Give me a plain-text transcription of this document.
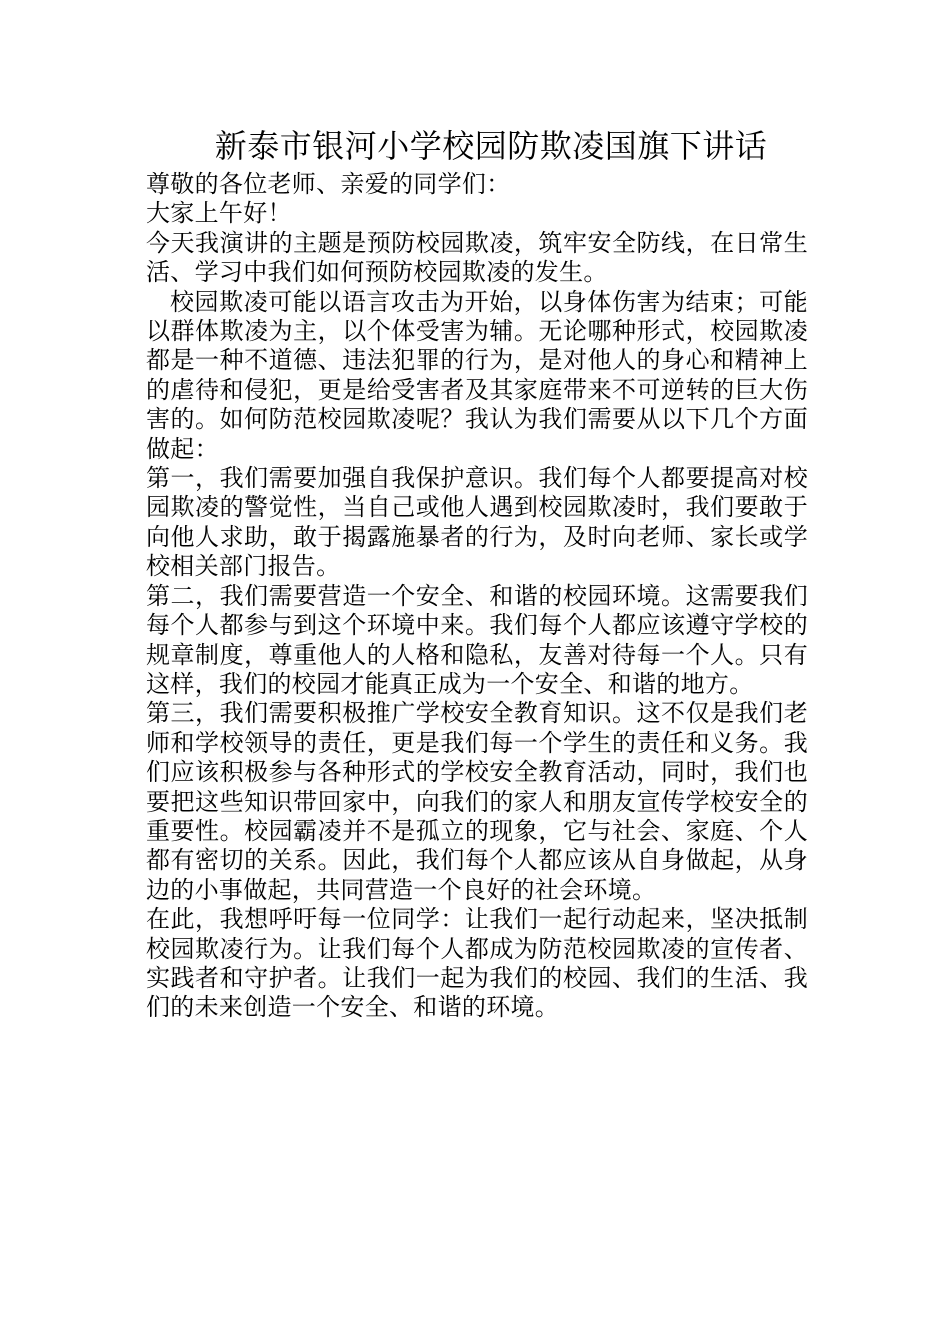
新泰市银河小学校园防欺凌国旗下讲话

尊敬的各位老师、亲爱的同学们：

大家上午好！

今天我演讲的主题是预防校园欺凌，筑牢安全防线，在日常生活、学习中我们如何预防校园欺凌的发生。

校园欺凌可能以语言攻击为开始，以身体伤害为结束；可能以群体欺凌为主，以个体受害为辅。无论哪种形式，校园欺凌都是一种不道德、违法犯罪的行为，是对他人的身心和精神上的虐待和侵犯，更是给受害者及其家庭带来不可逆转的巨大伤害的。如何防范校园欺凌呢？我认为我们需要从以下几个方面做起：

第一，我们需要加强自我保护意识。我们每个人都要提高对校园欺凌的警觉性，当自己或他人遇到校园欺凌时，我们要敢于向他人求助，敢于揭露施暴者的行为，及时向老师、家长或学校相关部门报告。

第二，我们需要营造一个安全、和谐的校园环境。这需要我们每个人都参与到这个环境中来。我们每个人都应该遵守学校的规章制度，尊重他人的人格和隐私，友善对待每一个人。只有这样，我们的校园才能真正成为一个安全、和谐的地方。

第三，我们需要积极推广学校安全教育知识。这不仅是我们老师和学校领导的责任，更是我们每一个学生的责任和义务。我们应该积极参与各种形式的学校安全教育活动，同时，我们也要把这些知识带回家中，向我们的家人和朋友宣传学校安全的重要性。校园霸凌并不是孤立的现象，它与社会、家庭、个人都有密切的关系。因此，我们每个人都应该从自身做起，从身边的小事做起，共同营造一个良好的社会环境。

在此，我想呼吁每一位同学：让我们一起行动起来，坚决抵制校园欺凌行为。让我们每个人都成为防范校园欺凌的宣传者、实践者和守护者。让我们一起为我们的校园、我们的生活、我们的未来创造一个安全、和谐的环境。
